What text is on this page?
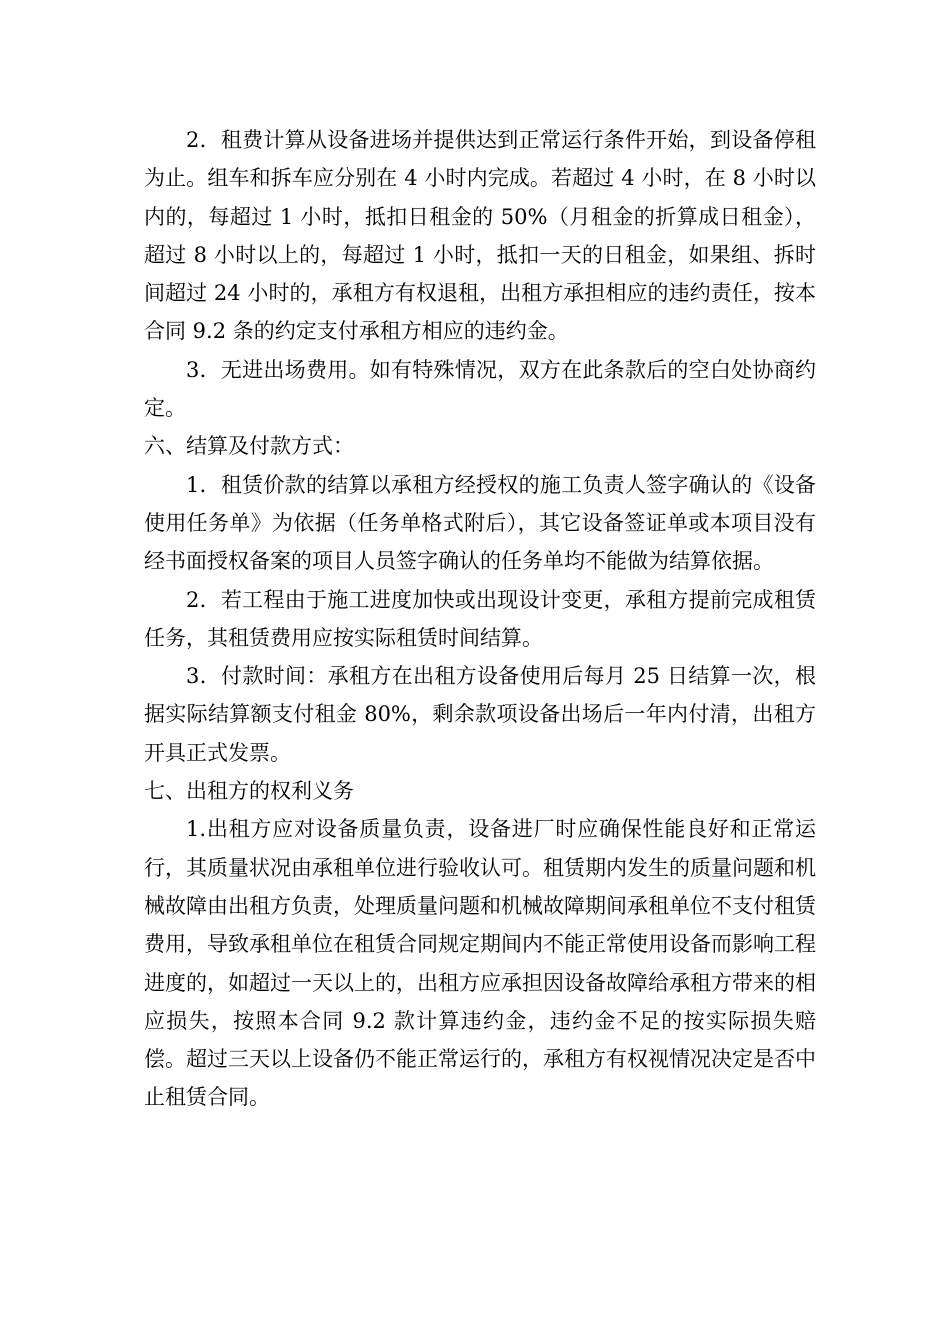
2．租费计算从设备进场并提供达到正常运行条件开始，到设备停租为止。组车和拆车应分别在 4 小时内完成。若超过 4 小时，在 8 小时以内的，每超过 1 小时，抵扣日租金的 50%（月租金的折算成日租金），超过 8 小时以上的，每超过 1 小时，抵扣一天的日租金，如果组、拆时间超过 24 小时的，承租方有权退租，出租方承担相应的违约责任，按本合同 9.2 条的约定支付承租方相应的违约金。

3．无进出场费用。如有特殊情况，双方在此条款后的空白处协商约定。

六、结算及付款方式：

1．租赁价款的结算以承租方经授权的施工负责人签字确认的《设备使用任务单》为依据（任务单格式附后），其它设备签证单或本项目没有经书面授权备案的项目人员签字确认的任务单均不能做为结算依据。

2．若工程由于施工进度加快或出现设计变更，承租方提前完成租赁任务，其租赁费用应按实际租赁时间结算。

3．付款时间：承租方在出租方设备使用后每月 25 日结算一次，根据实际结算额支付租金 80%，剩余款项设备出场后一年内付清，出租方开具正式发票。

七、出租方的权利义务

1.出租方应对设备质量负责，设备进厂时应确保性能良好和正常运行，其质量状况由承租单位进行验收认可。租赁期内发生的质量问题和机械故障由出租方负责，处理质量问题和机械故障期间承租单位不支付租赁费用，导致承租单位在租赁合同规定期间内不能正常使用设备而影响工程进度的，如超过一天以上的，出租方应承担因设备故障给承租方带来的相应损失，按照本合同 9.2 款计算违约金，违约金不足的按实际损失赔偿。超过三天以上设备仍不能正常运行的，承租方有权视情况决定是否中止租赁合同。
